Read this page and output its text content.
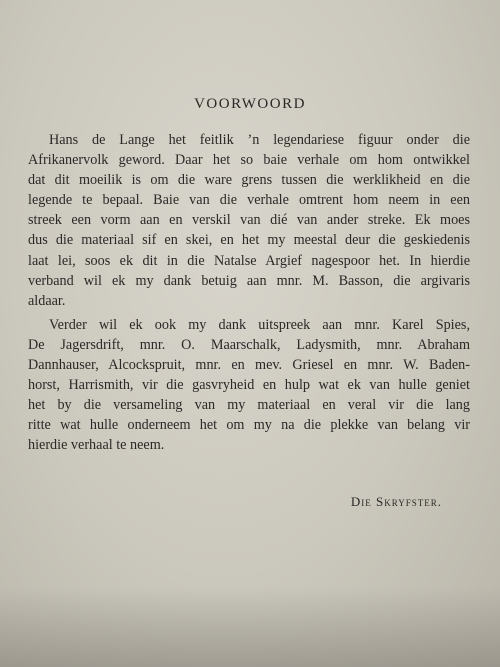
VOORWOORD
Hans de Lange het feitlik ’n legendariese figuur onder die
Afrikanervolk geword. Daar het so baie verhale om hom ontwikkel
dat dit moeilik is om die ware grens tussen die werklikheid en die
legende te bepaal. Baie van die verhale omtrent hom neem in een
streek een vorm aan en verskil van dié van ander streke. Ek moes
dus die materiaal sif en skei, en het my meestal deur die geskiedenis
laat lei, soos ek dit in die Natalse Argief nagespoor het. In hierdie
verband wil ek my dank betuig aan mnr. M. Basson, die argivaris
aldaar.
Verder wil ek ook my dank uitspreek aan mnr. Karel Spies,
De Jagersdrift, mnr. O. Maarschalk, Ladysmith, mnr. Abraham
Dannhauser, Alcockspruit, mnr. en mev. Griesel en mnr. W. Baden-
horst, Harrismith, vir die gasvryheid en hulp wat ek van hulle geniet
het by die versameling van my materiaal en veral vir die lang
ritte wat hulle onderneem het om my na die plekke van belang vir
hierdie verhaal te neem.
Die Skryfster.
